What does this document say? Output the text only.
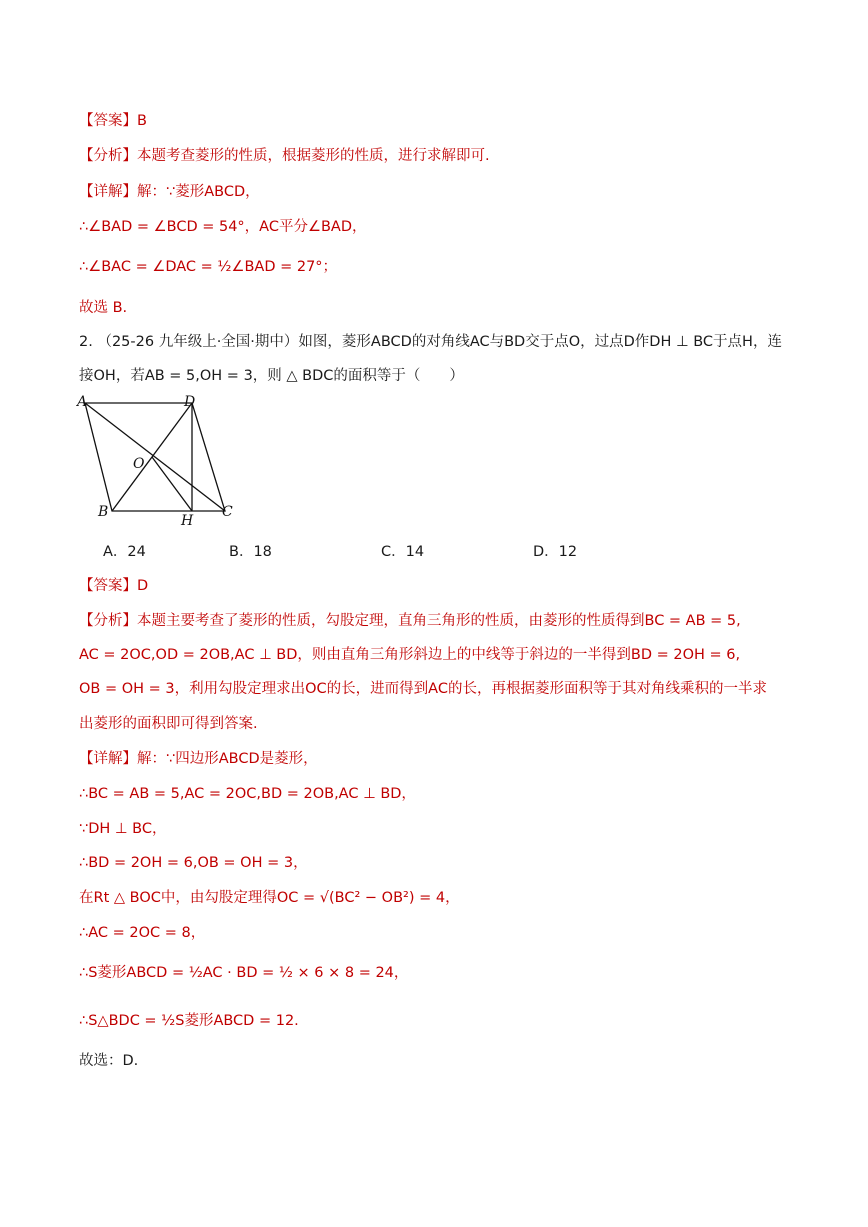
【答案】B
【分析】本题考查菱形的性质，根据菱形的性质，进行求解即可.
【详解】解：∵菱形ABCD，
∴∠BAD = ∠BCD = 54°，AC平分∠BAD，
∴∠BAC = ∠DAC = ½∠BAD = 27°；
故选 B.
2. （25-26 九年级上·全国·期中）如图，菱形ABCD的对角线AC与BD交于点O，过点D作DH ⊥ BC于点H，连
接OH，若AB = 5,OH = 3，则 △ BDC的面积等于（　　）
A	D
O
B
H
C
A．24	B．18	C．14	D．12
【答案】D
【分析】本题主要考查了菱形的性质，勾股定理，直角三角形的性质，由菱形的性质得到BC = AB = 5,
AC = 2OC,OD = 2OB,AC ⊥ BD，则由直角三角形斜边上的中线等于斜边的一半得到BD = 2OH = 6,
OB = OH = 3，利用勾股定理求出OC的长，进而得到AC的长，再根据菱形面积等于其对角线乘积的一半求
出菱形的面积即可得到答案.
【详解】解：∵四边形ABCD是菱形，
∴BC = AB = 5,AC = 2OC,BD = 2OB,AC ⊥ BD，
∵DH ⊥ BC，
∴BD = 2OH = 6,OB = OH = 3，
在Rt △ BOC中，由勾股定理得OC = √(BC² − OB²) = 4，
∴AC = 2OC = 8，
∴S菱形ABCD = ½AC · BD = ½ × 6 × 8 = 24，
∴S△BDC = ½S菱形ABCD = 12.
故选：D.
